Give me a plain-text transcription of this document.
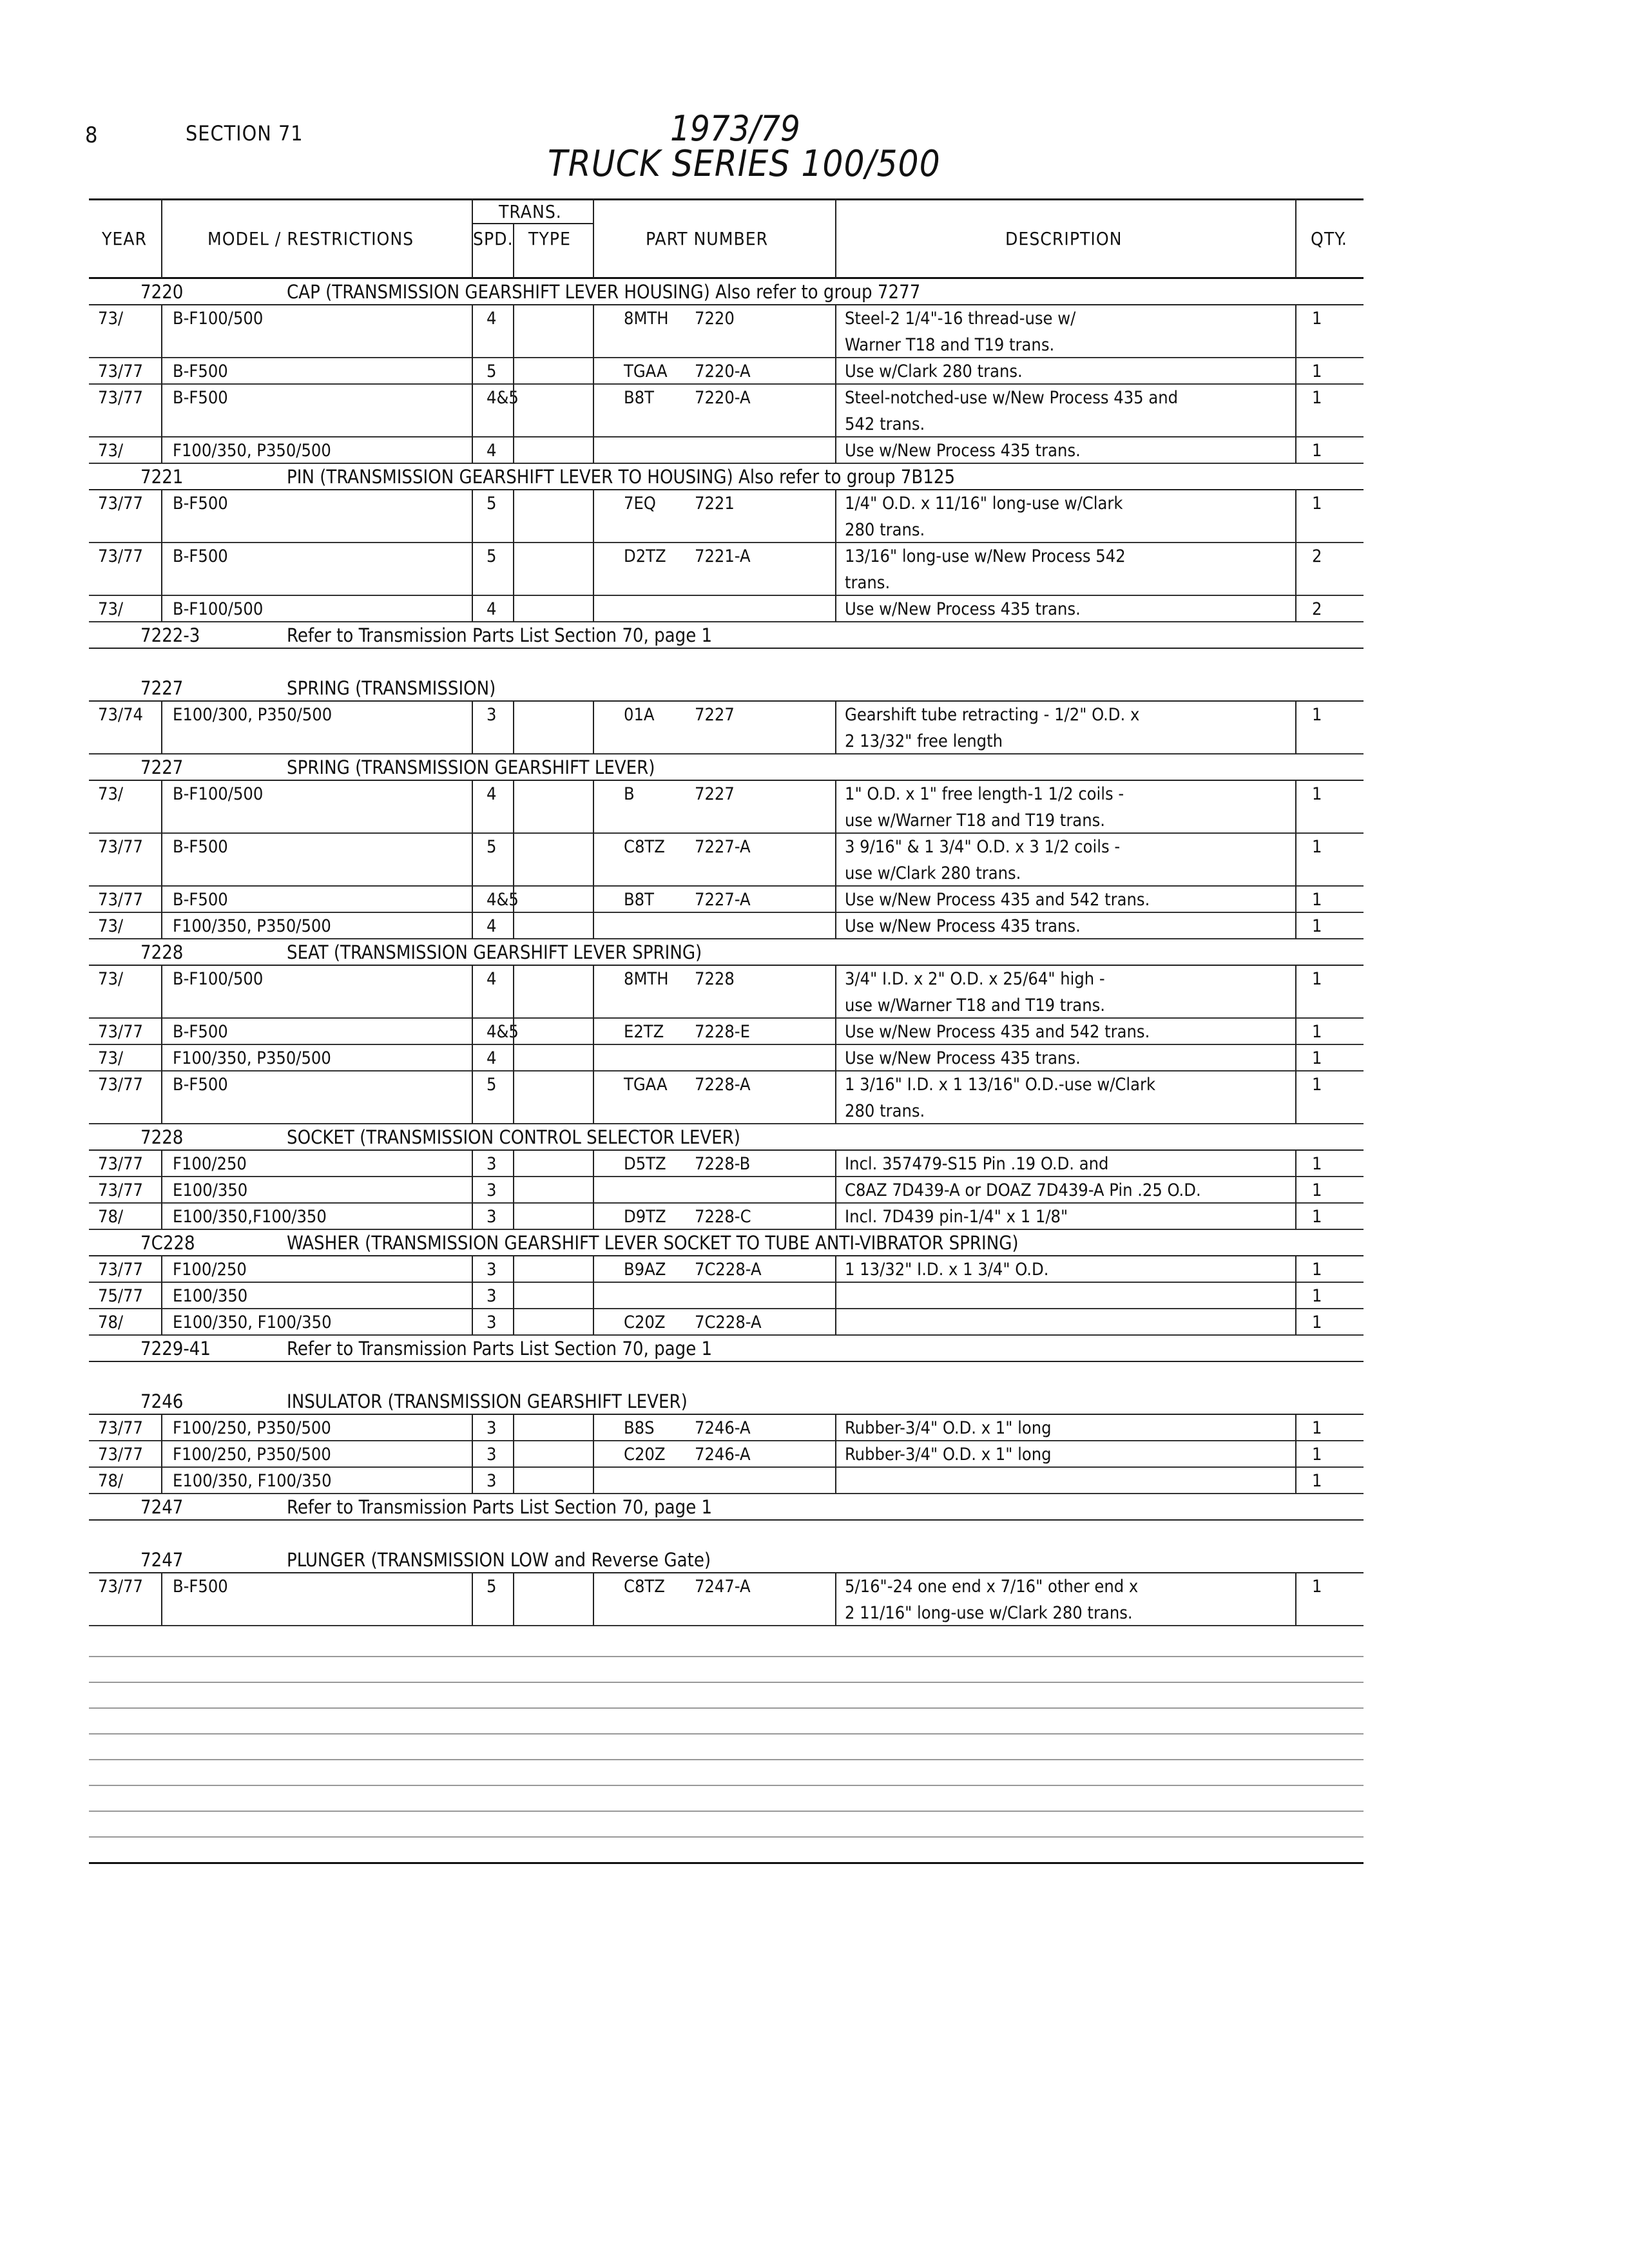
8	SECTION 71	1973/79
TRUCK SERIES 100/500
YEAR	MODEL / RESTRICTIONS
TRANS.
SPD. TYPE	PART NUMBER	DESCRIPTION	QTY.
7220	CAP (TRANSMISSION GEARSHIFT LEVER HOUSING) Also refer to group 7277
73/	B-F100/500	4	8MTH 7220	Steel-2 1/4"-16 thread-use w/	1
Warner T18 and T19 trans.
73/77 B-F500	5	TGAA 7220-A	Use w/Clark 280 trans.	1
73/77 B-F500	4&5	B8T 7220-A	Steel-notched-use w/New Process 435 and	1
542 trans.
73/	F100/350, P350/500	4	Use w/New Process 435 trans.	1
7221	PIN (TRANSMISSION GEARSHIFT LEVER TO HOUSING) Also refer to group 7B125
73/77 B-F500	5	7EQ 7221	1/4" O.D. x 11/16" long-use w/Clark	1
280 trans.
73/77 B-F500	5	D2TZ 7221-A	13/16" long-use w/New Process 542	2
trans.
73/	B-F100/500	4	Use w/New Process 435 trans.	2
7222-3	Refer to Transmission Parts List Section 70, page 1
7227	SPRING (TRANSMISSION)
73/74 E100/300, P350/500	3	01A 7227	Gearshift tube retracting - 1/2" O.D. x	1
2 13/32" free length
7227	SPRING (TRANSMISSION GEARSHIFT LEVER)
73/	B-F100/500	4	B	7227	1" O.D. x 1" free length-1 1/2 coils -	1
use w/Warner T18 and T19 trans.
73/77 B-F500	5	C8TZ 7227-A	3 9/16" & 1 3/4" O.D. x 3 1/2 coils -	1
use w/Clark 280 trans.
73/77 B-F500	4&5	B8T 7227-A	Use w/New Process 435 and 542 trans.	1
73/	F100/350, P350/500	4	Use w/New Process 435 trans.	1
7228	SEAT (TRANSMISSION GEARSHIFT LEVER SPRING)
73/	B-F100/500	4	8MTH 7228	3/4" I.D. x 2" O.D. x 25/64" high -	1
use w/Warner T18 and T19 trans.
73/77 B-F500	4&5	E2TZ 7228-E	Use w/New Process 435 and 542 trans.	1
73/	F100/350, P350/500	4	Use w/New Process 435 trans.	1
73/77 B-F500	5	TGAA 7228-A	1 3/16" I.D. x 1 13/16" O.D.-use w/Clark	1
280 trans.
7228	SOCKET (TRANSMISSION CONTROL SELECTOR LEVER)
73/77 F100/250	3	D5TZ 7228-B	Incl. 357479-S15 Pin .19 O.D. and	1
73/77 E100/350	3	C8AZ 7D439-A or DOAZ 7D439-A Pin .25 O.D.	1
78/	E100/350,F100/350	3	D9TZ 7228-C	Incl. 7D439 pin-1/4" x 1 1/8"	1
7C228	WASHER (TRANSMISSION GEARSHIFT LEVER SOCKET TO TUBE ANTI-VIBRATOR SPRING)
73/77 F100/250	3	B9AZ 7C228-A	1 13/32" I.D. x 1 3/4" O.D.	1
75/77 E100/350	3	1
78/	E100/350, F100/350	3	C20Z 7C228-A	1
7229-41	Refer to Transmission Parts List Section 70, page 1
7246	INSULATOR (TRANSMISSION GEARSHIFT LEVER)
73/77 F100/250, P350/500	3	B8S 7246-A	Rubber-3/4" O.D. x 1" long	1
73/77 F100/250, P350/500	3	C20Z 7246-A	Rubber-3/4" O.D. x 1" long	1
78/	E100/350, F100/350	3	1
7247	Refer to Transmission Parts List Section 70, page 1
7247	PLUNGER (TRANSMISSION LOW and Reverse Gate)
73/77 B-F500	5	C8TZ 7247-A	5/16"-24 one end x 7/16" other end x	1
2 11/16" long-use w/Clark 280 trans.
